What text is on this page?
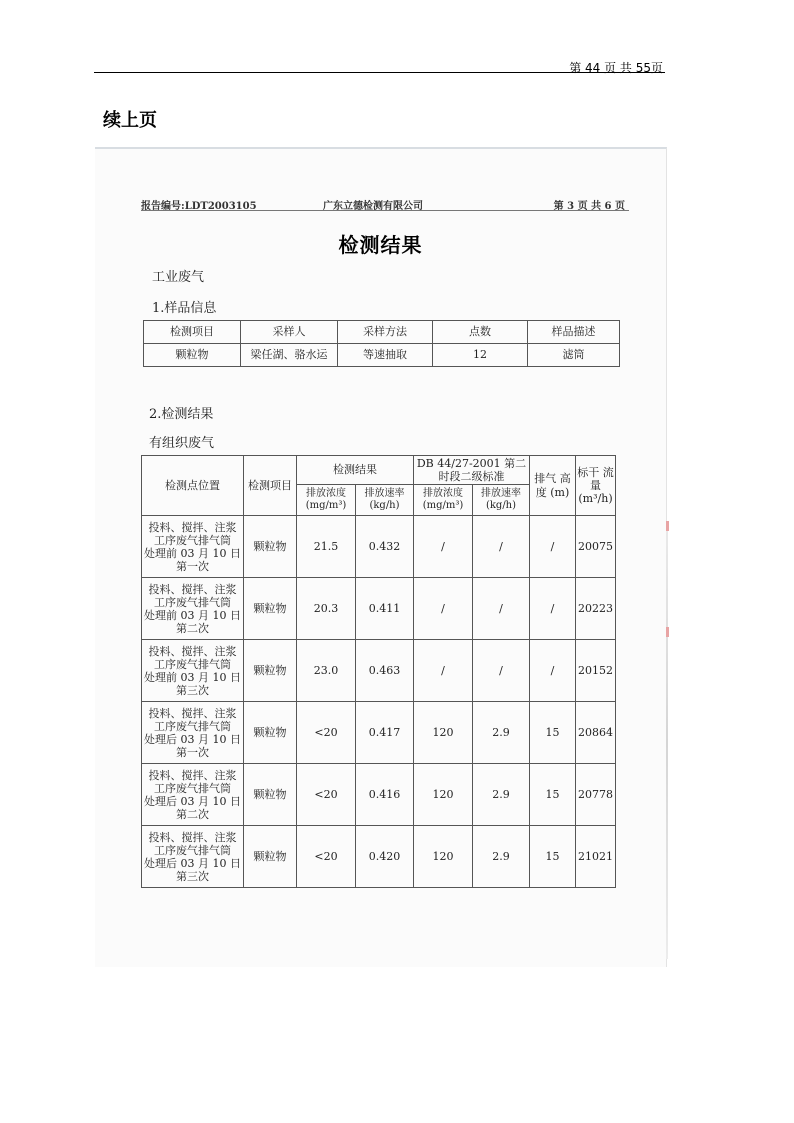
第 44 页 共 55页
续上页
报告编号:LDT2003105	广东立德检测有限公司	第 3 页 共 6 页

检测结果
工业废气
1.样品信息
检测项目	采样人	采样方法	点数	样品描述
颗粒物	梁任湖、骆水运	等速抽取	12	滤筒
2.检测结果
有组织废气
检测点位置	检测项目	检测结果		DB 44/27-2001 第二时段二级标准		排气 高度 (m)	标干 流量 (m³/h)
		排放浓度 (mg/m³)	排放速率 (kg/h)	排放浓度 (mg/m³)	排放速率 (kg/h)		
投料、搅拌、注浆
工序废气排气筒
处理前 03 月 10 日
第一次	颗粒物	21.5	0.432	/	/	/	20075
投料、搅拌、注浆
工序废气排气筒
处理前 03 月 10 日
第二次	颗粒物	20.3	0.411	/	/	/	20223
投料、搅拌、注浆
工序废气排气筒
处理前 03 月 10 日
第三次	颗粒物	23.0	0.463	/	/	/	20152
投料、搅拌、注浆
工序废气排气筒
处理后 03 月 10 日
第一次	颗粒物	<20	0.417	120	2.9	15	20864
投料、搅拌、注浆
工序废气排气筒
处理后 03 月 10 日
第二次	颗粒物	<20	0.416	120	2.9	15	20778
投料、搅拌、注浆
工序废气排气筒
处理后 03 月 10 日
第三次	颗粒物	<20	0.420	120	2.9	15	21021
